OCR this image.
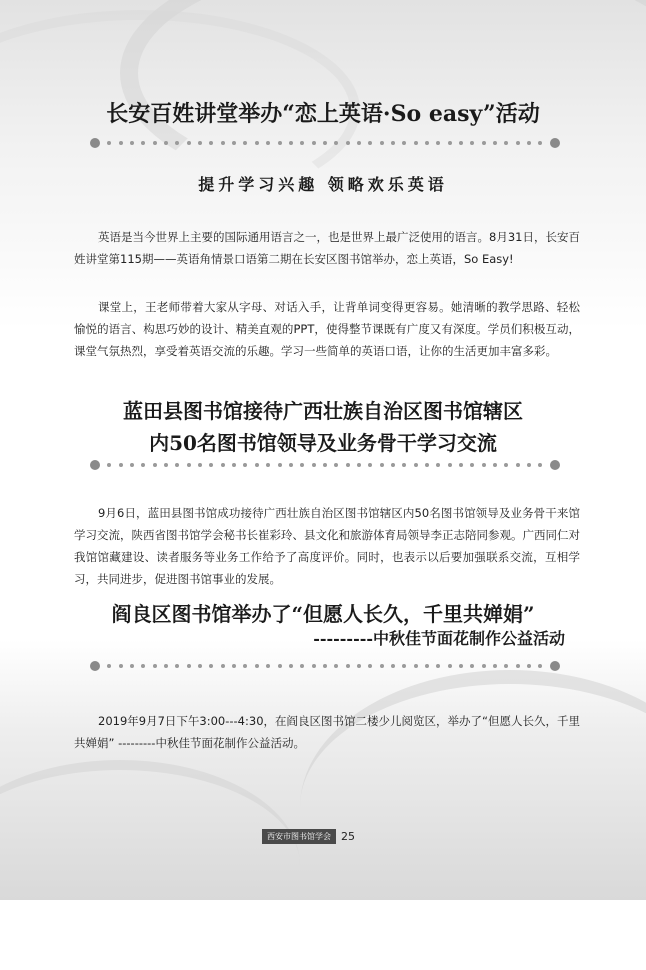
长安百姓讲堂举办“恋上英语·So easy”活动
提升学习兴趣 领略欢乐英语

英语是当今世界上主要的国际通用语言之一，也是世界上最广泛使用的语言。8月31日，长安百姓讲堂第115期——英语角情景口语第二期在长安区图书馆举办，恋上英语，So Easy!

课堂上，王老师带着大家从字母、对话入手，让背单词变得更容易。她清晰的教学思路、轻松愉悦的语言、构思巧妙的设计、精美直观的PPT，使得整节课既有广度又有深度。学员们积极互动，课堂气氛热烈，享受着英语交流的乐趣。学习一些简单的英语口语，让你的生活更加丰富多彩。

蓝田县图书馆接待广西壮族自治区图书馆辖区
内50名图书馆领导及业务骨干学习交流

9月6日，蓝田县图书馆成功接待广西壮族自治区图书馆辖区内50名图书馆领导及业务骨干来馆学习交流，陕西省图书馆学会秘书长崔彩玲、县文化和旅游体育局领导李正志陪同参观。广西同仁对我馆馆藏建设、读者服务等业务工作给予了高度评价。同时，也表示以后要加强联系交流，互相学习，共同进步，促进图书馆事业的发展。

阎良区图书馆举办了“但愿人长久，千里共婵娟”
---------中秋佳节面花制作公益活动

2019年9月7日下午3:00---4:30，在阎良区图书馆二楼少儿阅览区，举办了“但愿人长久，千里共婵娟” ---------中秋佳节面花制作公益活动。

西安市图书馆学会 25
